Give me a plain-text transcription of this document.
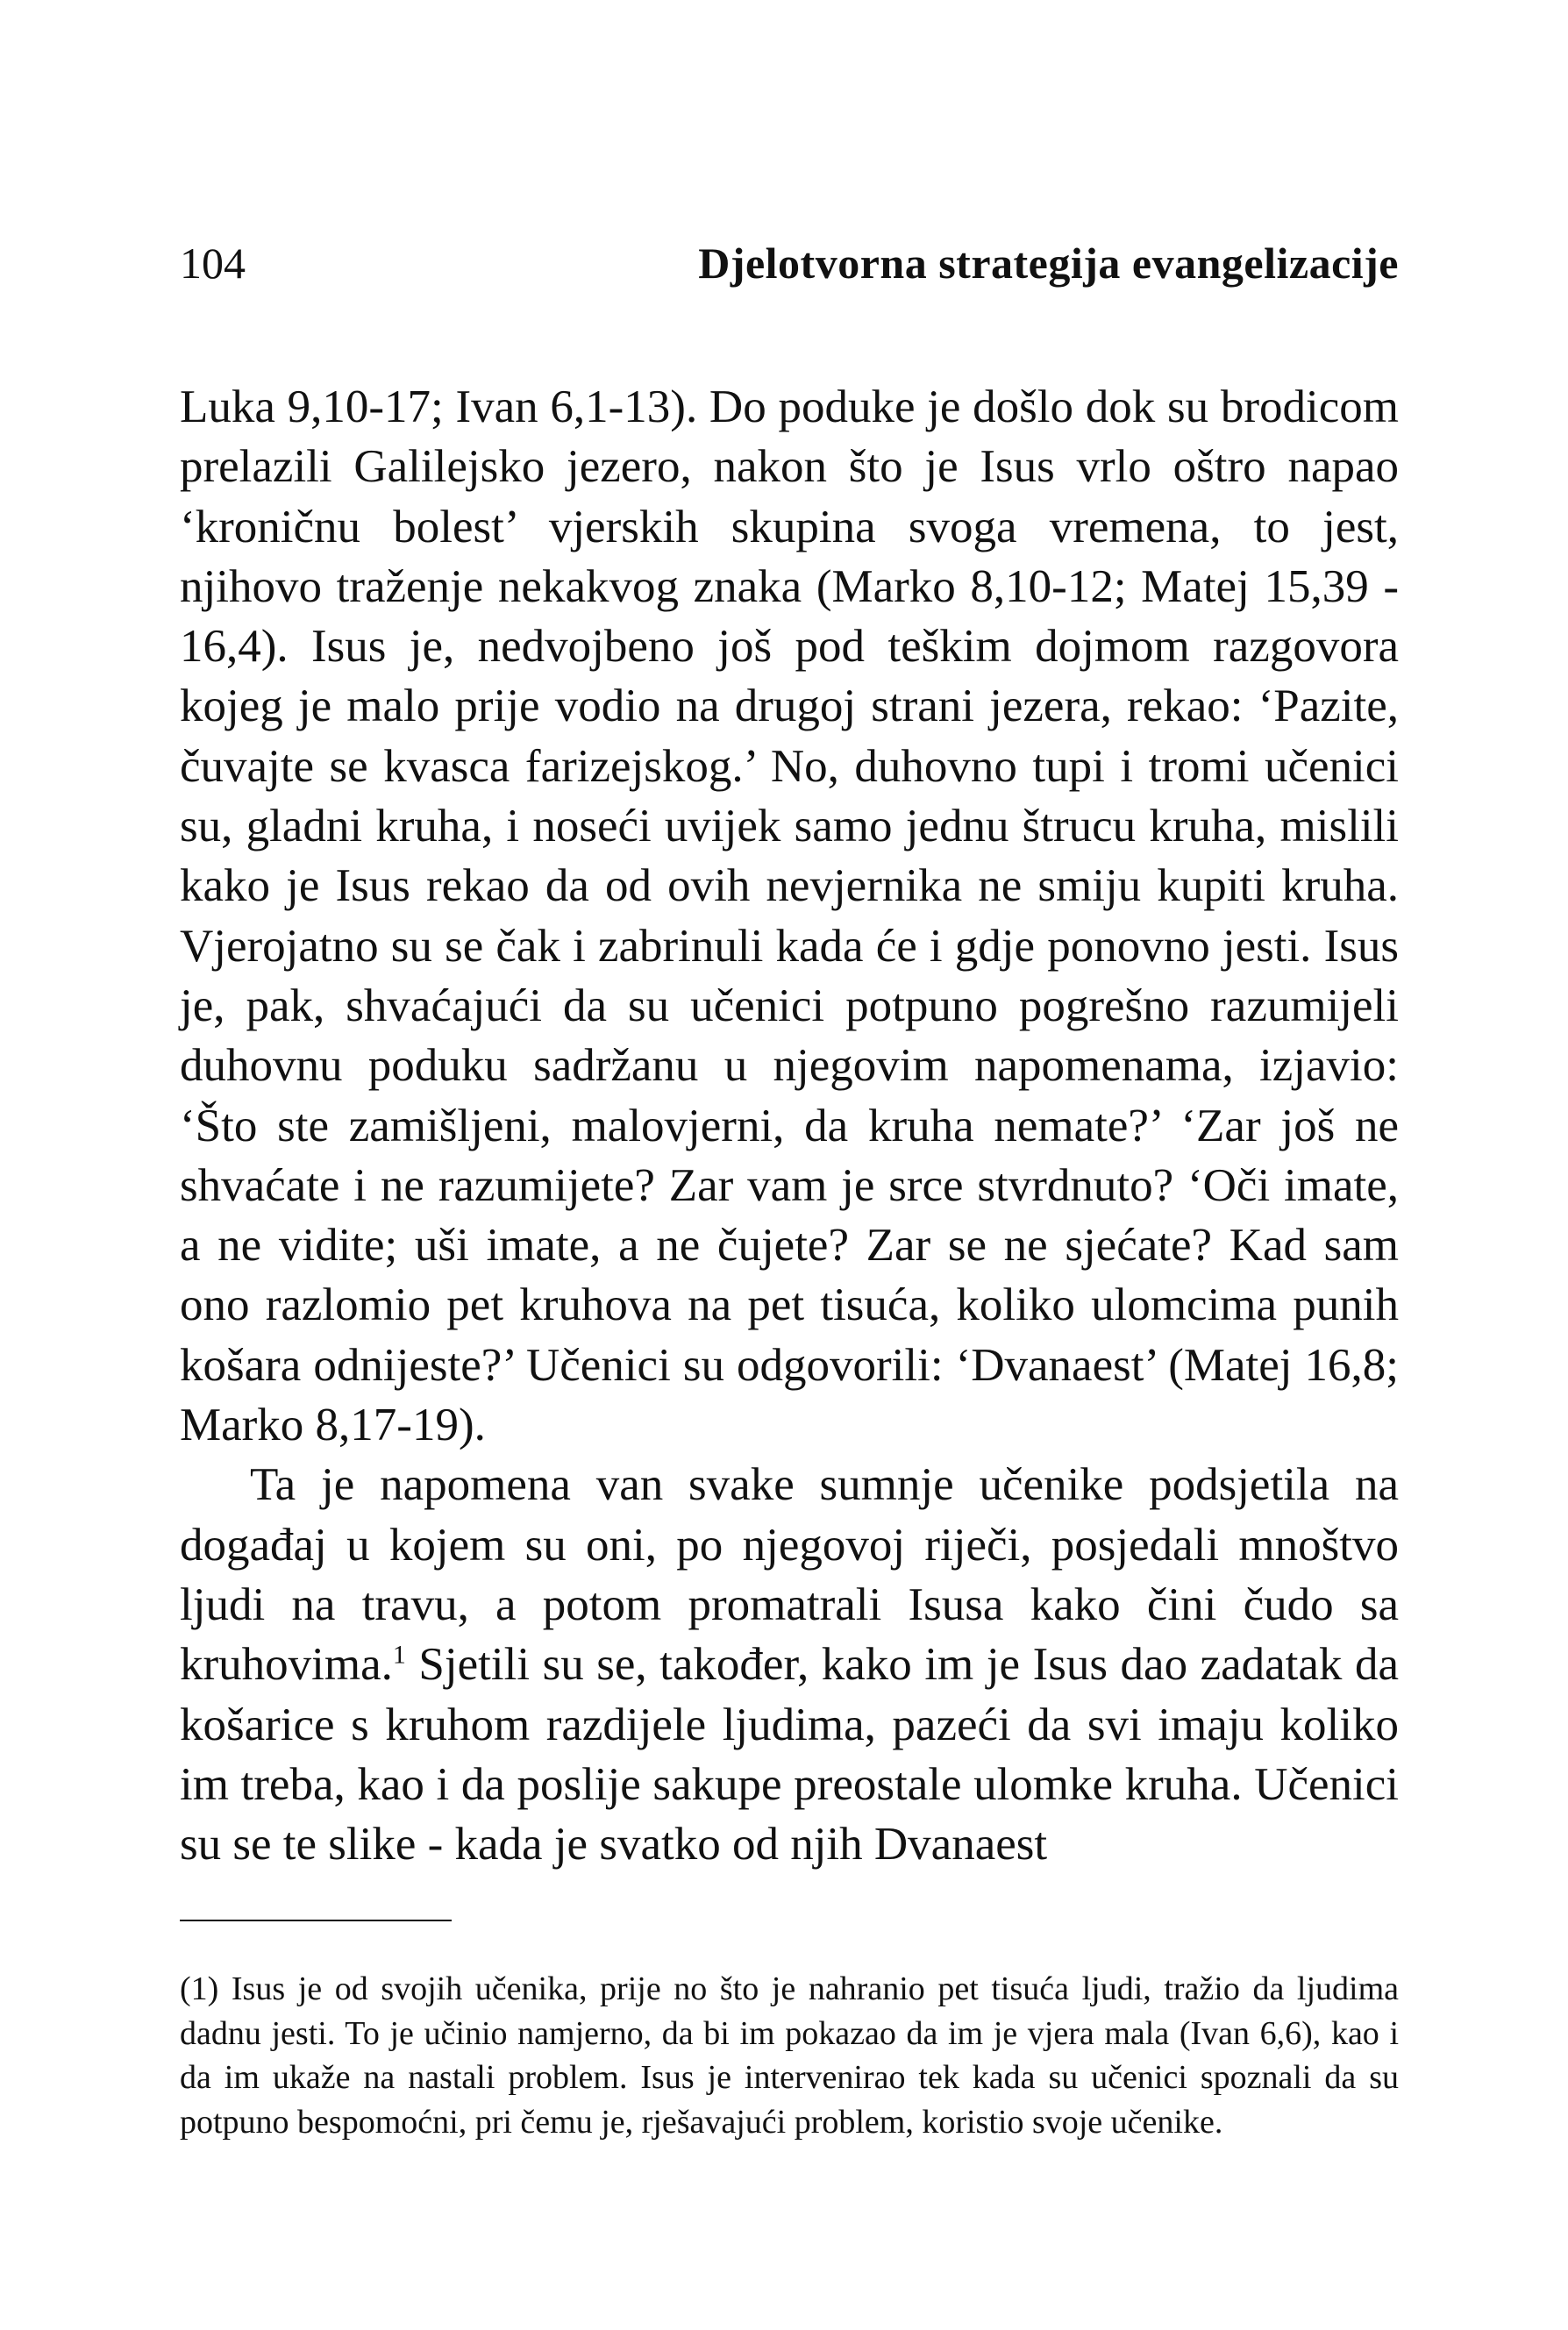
104	Djelotvorna strategija evangelizacije

Luka 9,10-17; Ivan 6,1-13). Do poduke je došlo dok su brodicom prelazili Galilejsko jezero, nakon što je Isus vrlo oštro napao ‘kroničnu bolest’ vjerskih skupina svoga vremena, to jest, njihovo traženje nekakvog znaka (Marko 8,10-12; Matej 15,39 - 16,4). Isus je, nedvojbeno još pod teškim dojmom razgovora kojeg je malo prije vodio na drugoj strani jezera, rekao: ‘Pazite, čuvajte se kvasca farizejskog.’ No, duhovno tupi i tromi učenici su, gladni kruha, i noseći uvijek samo jednu štrucu kruha, mislili kako je Isus rekao da od ovih nevjernika ne smiju kupiti kruha. Vjerojatno su se čak i zabrinuli kada će i gdje ponovno jesti. Isus je, pak, shvaćajući da su učenici potpuno pogrešno razumijeli duhovnu poduku sadržanu u njegovim napomenama, izjavio: ‘Što ste zamišljeni, malovjerni, da kruha nemate?’ ‘Zar još ne shvaćate i ne razumijete? Zar vam je srce stvrdnuto? ‘Oči imate, a ne vidite; uši imate, a ne čujete? Zar se ne sjećate? Kad sam ono razlomio pet kruhova na pet tisuća, koliko ulomcima punih košara odnijeste?’ Učenici su odgovorili: ‘Dvanaest’ (Matej 16,8; Marko 8,17-19).

Ta je napomena van svake sumnje učenike podsjetila na događaj u kojem su oni, po njegovoj riječi, posjedali mnoštvo ljudi na travu, a potom promatrali Isusa kako čini čudo sa kruhovima.$^1$ Sjetili su se, također, kako im je Isus dao zadatak da košarice s kruhom razdijele ljudima, pazeći da svi imaju koliko im treba, kao i da poslije sakupe preostale ulomke kruha. Učenici su se te slike - kada je svatko od njih Dvanaest

(1) Isus je od svojih učenika, prije no što je nahranio pet tisuća ljudi, tražio da ljudima dadnu jesti. To je učinio namjerno, da bi im pokazao da im je vjera mala (Ivan 6,6), kao i da im ukaže na nastali problem. Isus je intervenirao tek kada su učenici spoznali da su potpuno bespomoćni, pri čemu je, rješavajući problem, koristio svoje učenike.
